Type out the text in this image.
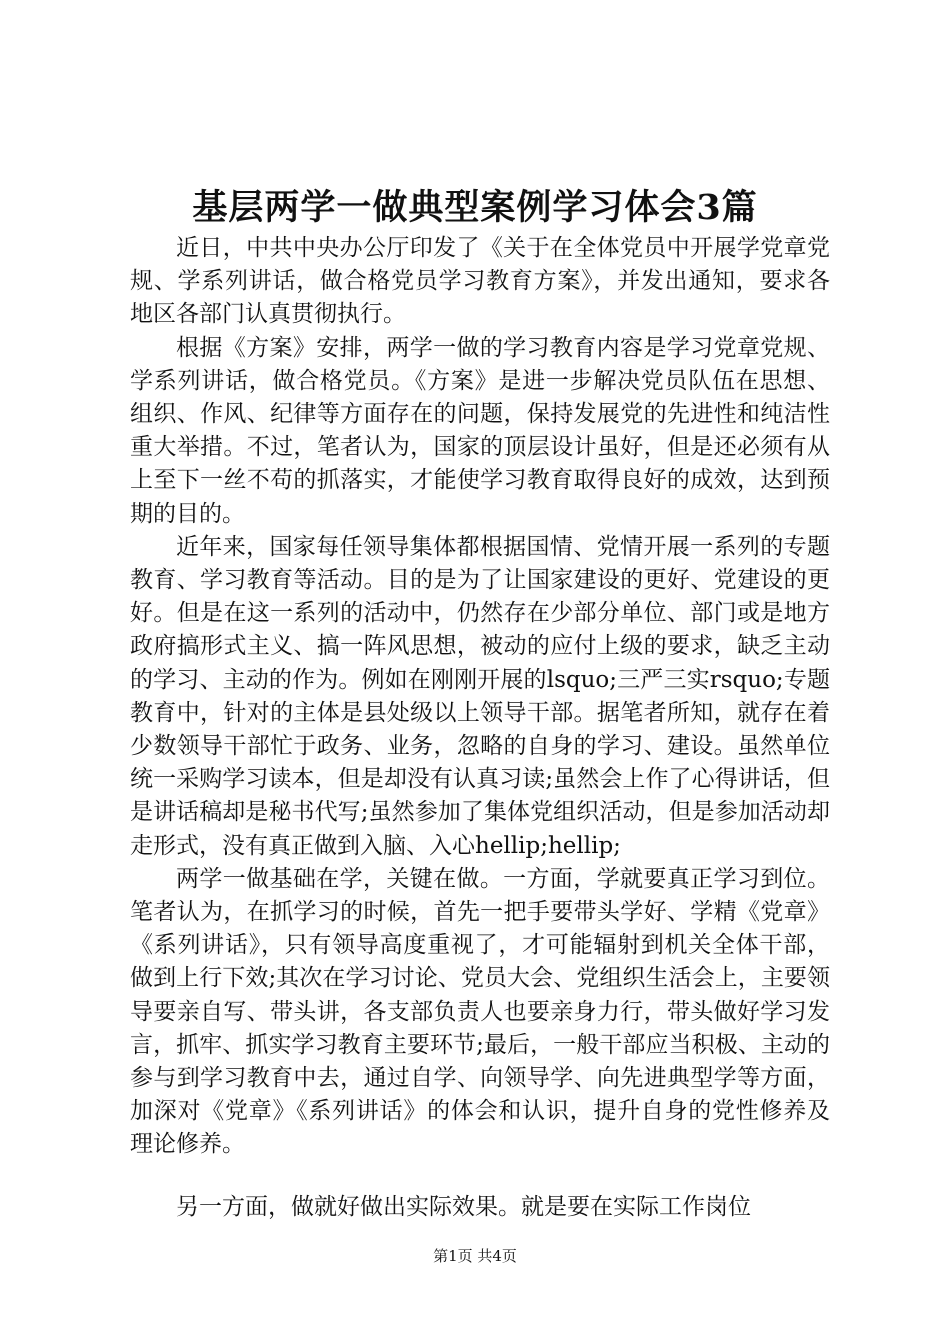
基层两学一做典型案例学习体会3篇

近日，中共中央办公厅印发了《关于在全体党员中开展学党章党规、学系列讲话，做合格党员学习教育方案》，并发出通知，要求各地区各部门认真贯彻执行。

根据《方案》安排，两学一做的学习教育内容是学习党章党规、学系列讲话，做合格党员。《方案》是进一步解决党员队伍在思想、组织、作风、纪律等方面存在的问题，保持发展党的先进性和纯洁性重大举措。不过，笔者认为，国家的顶层设计虽好，但是还必须有从上至下一丝不苟的抓落实，才能使学习教育取得良好的成效，达到预期的目的。

近年来，国家每任领导集体都根据国情、党情开展一系列的专题教育、学习教育等活动。目的是为了让国家建设的更好、党建设的更好。但是在这一系列的活动中，仍然存在少部分单位、部门或是地方政府搞形式主义、搞一阵风思想，被动的应付上级的要求，缺乏主动的学习、主动的作为。例如在刚刚开展的lsquo;三严三实rsquo;专题教育中，针对的主体是县处级以上领导干部。据笔者所知，就存在着少数领导干部忙于政务、业务，忽略的自身的学习、建设。虽然单位统一采购学习读本，但是却没有认真习读;虽然会上作了心得讲话，但是讲话稿却是秘书代写;虽然参加了集体党组织活动，但是参加活动却走形式，没有真正做到入脑、入心hellip;hellip;

两学一做基础在学，关键在做。一方面，学就要真正学习到位。笔者认为，在抓学习的时候，首先一把手要带头学好、学精《党章》《系列讲话》，只有领导高度重视了，才可能辐射到机关全体干部，做到上行下效;其次在学习讨论、党员大会、党组织生活会上，主要领导要亲自写、带头讲，各支部负责人也要亲身力行，带头做好学习发言，抓牢、抓实学习教育主要环节;最后，一般干部应当积极、主动的参与到学习教育中去，通过自学、向领导学、向先进典型学等方面，加深对《党章》《系列讲话》的体会和认识，提升自身的党性修养及理论修养。

另一方面，做就好做出实际效果。就是要在实际工作岗位

第1页 共4页
